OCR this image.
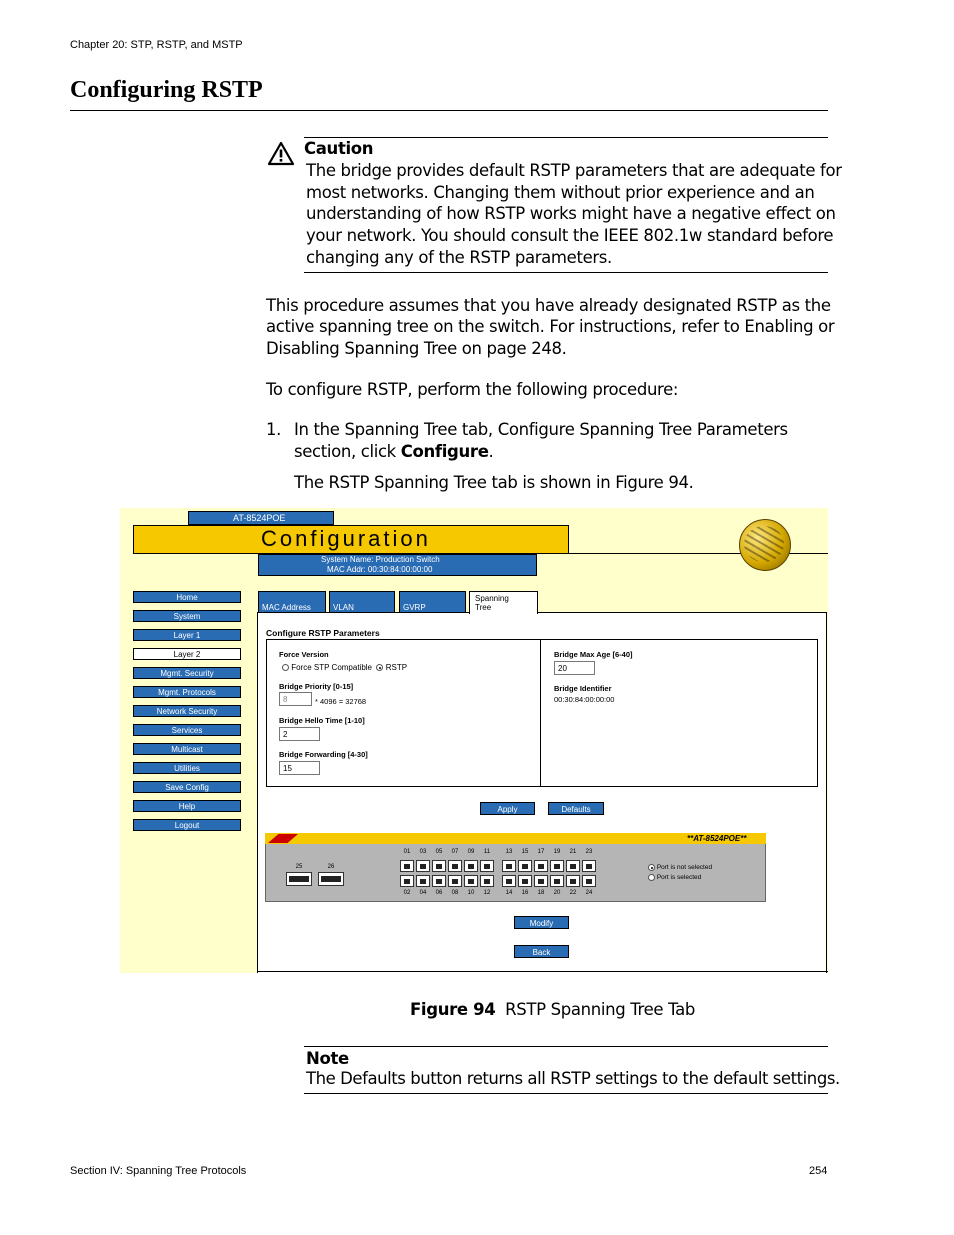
Chapter 20: STP, RSTP, and MSTP
Configuring RSTP
Caution
The bridge provides default RSTP parameters that are adequate for
most networks. Changing them without prior experience and an
understanding of how RSTP works might have a negative effect on
your network. You should consult the IEEE 802.1w standard before
changing any of the RSTP parameters.
This procedure assumes that you have already designated RSTP as the
active spanning tree on the switch. For instructions, refer to Enabling or
Disabling Spanning Tree on page 248.
To configure RSTP, perform the following procedure:
1. In the Spanning Tree tab, Configure Spanning Tree Parameters
section, click Configure.
The RSTP Spanning Tree tab is shown in Figure 94.
AT-8524POE
Configuration
System Name: Production Switch
MAC Addr: 00:30:84:00:00:00
Home
System
Layer 1
Layer 2
Mgmt. Security
Mgmt. Protocols
Network Security
Services
Multicast
Utilities
Save Config
Help
Logout
MAC Address	VLAN	GVRP
Spanning
Tree
Configure RSTP Parameters
Force Version
Force STP Compatible RSTP
Bridge Priority [0-15]
8	* 4096 = 32768
Bridge Hello Time [1-10]
2
Bridge Forwarding [4-30]
15
Bridge Max Age [6-40]
20
Bridge Identifier
00:30:84:00:00:00
Apply	Defaults
**AT-8524POE**
25	26
01
02
03
04
05
06
07
08
09
10
11
12
13
14
15
16
17
18
19
20
21
22
23
24
Port is not selected
Port is selected
Modify
Back
Figure 94 RSTP Spanning Tree Tab
Note
The Defaults button returns all RSTP settings to the default settings.
Section IV: Spanning Tree Protocols	254
